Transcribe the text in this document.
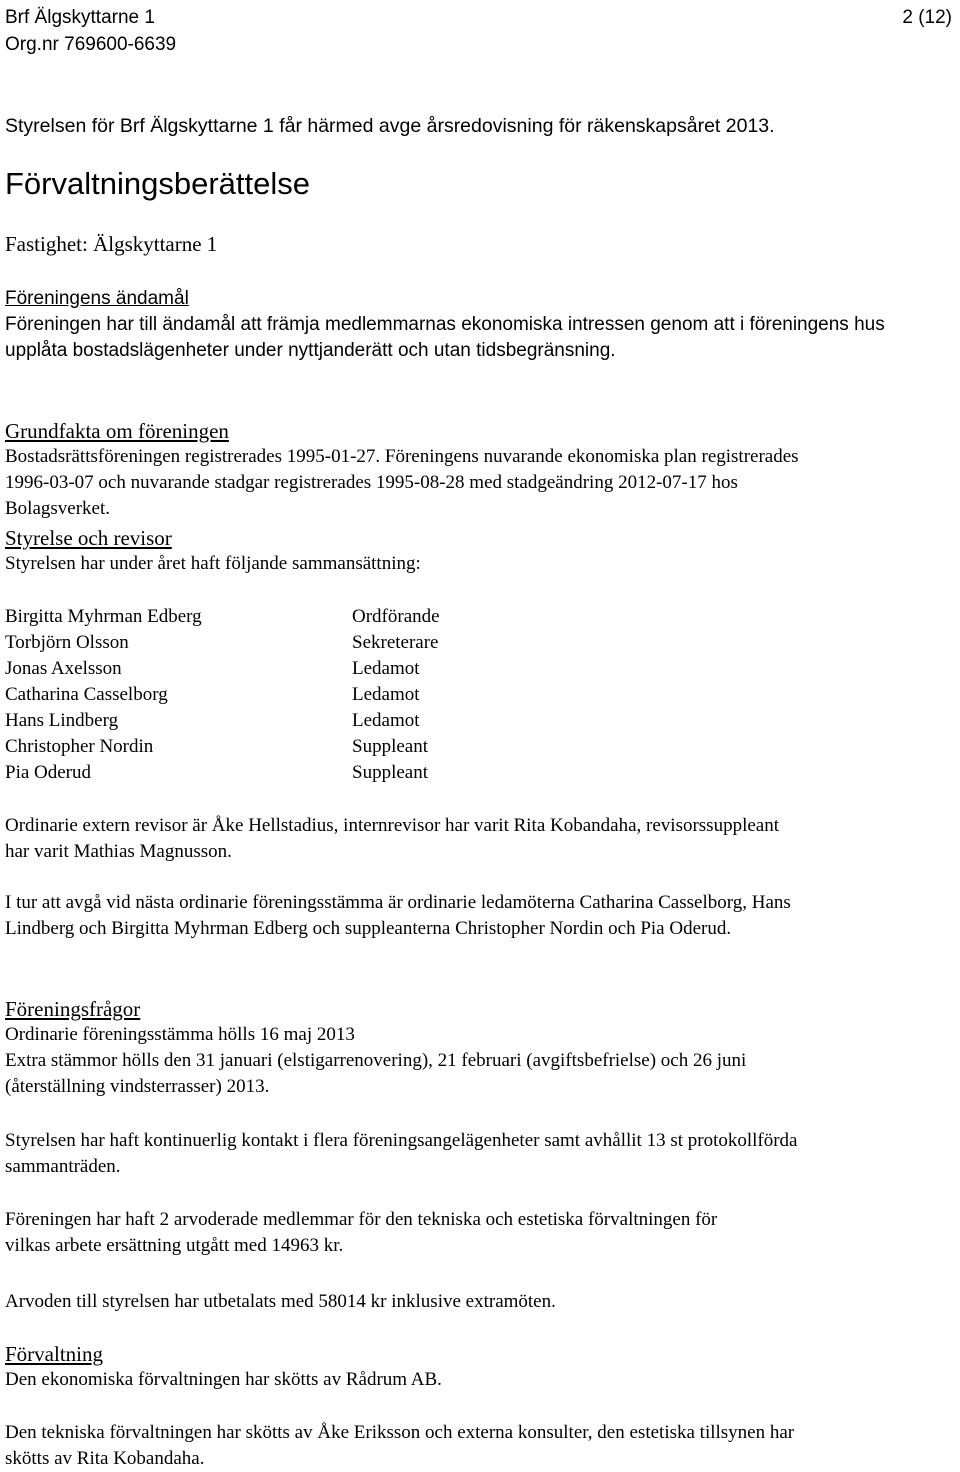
Brf Älgskyttarne 1
Org.nr 769600-6639
2 (12)
Styrelsen för Brf Älgskyttarne 1 får härmed avge årsredovisning för räkenskapsåret 2013.
Förvaltningsberättelse
Fastighet: Älgskyttarne 1
Föreningens ändamål
Föreningen har till ändamål att främja medlemmarnas ekonomiska intressen genom att i föreningens hus
upplåta bostadslägenheter under nyttjanderätt och utan tidsbegränsning.
Grundfakta om föreningen
Bostadsrättsföreningen registrerades 1995-01-27. Föreningens nuvarande ekonomiska plan registrerades
1996-03-07 och nuvarande stadgar registrerades 1995-08-28 med stadgeändring 2012-07-17 hos
Bolagsverket.
Styrelse och revisor
Styrelsen har under året haft följande sammansättning:
Birgitta Myhrman Edberg	Ordförande
Torbjörn Olsson	Sekreterare
Jonas Axelsson	Ledamot
Catharina Casselborg	Ledamot
Hans Lindberg	Ledamot
Christopher Nordin	Suppleant
Pia Oderud	Suppleant
Ordinarie extern revisor är Åke Hellstadius, internrevisor har varit Rita Kobandaha, revisorssuppleant
har varit Mathias Magnusson.
I tur att avgå vid nästa ordinarie föreningsstämma är ordinarie ledamöterna Catharina Casselborg, Hans
Lindberg och Birgitta Myhrman Edberg och suppleanterna Christopher Nordin och Pia Oderud.
Föreningsfrågor
Ordinarie föreningsstämma hölls 16 maj 2013
Extra stämmor hölls den 31 januari (elstigarrenovering), 21 februari (avgiftsbefrielse) och 26 juni
(återställning vindsterrasser) 2013.
Styrelsen har haft kontinuerlig kontakt i flera föreningsangelägenheter samt avhållit 13 st protokollförda
sammanträden.
Föreningen har haft 2 arvoderade medlemmar för den tekniska och estetiska förvaltningen för
vilkas arbete ersättning utgått med 14963 kr.
Arvoden till styrelsen har utbetalats med 58014 kr inklusive extramöten.
Förvaltning
Den ekonomiska förvaltningen har skötts av Rådrum AB.
Den tekniska förvaltningen har skötts av Åke Eriksson och externa konsulter, den estetiska tillsynen har
skötts av Rita Kobandaha.
